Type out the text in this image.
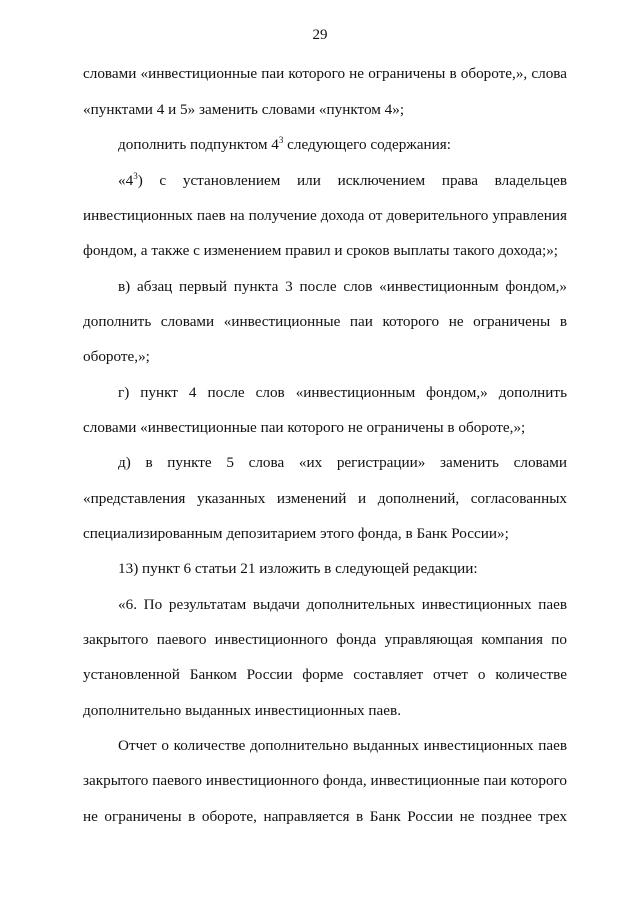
29
словами «инвестиционные паи которого не ограничены в обороте,», слова
«пунктами 4 и 5» заменить словами «пунктом 4»;
дополнить подпунктом $4^3$ следующего содержания:
«$4^3$) с установлением или исключением права владельцев
инвестиционных паев на получение дохода от доверительного управления
фондом, а также с изменением правил и сроков выплаты такого дохода;»;
в) абзац первый пункта 3 после слов «инвестиционным фондом,»
дополнить словами «инвестиционные паи которого не ограничены в
обороте,»;
г) пункт 4 после слов «инвестиционным фондом,» дополнить
словами «инвестиционные паи которого не ограничены в обороте,»;
д) в пункте 5 слова «их регистрации» заменить словами
«представления указанных изменений и дополнений, согласованных
специализированным депозитарием этого фонда, в Банк России»;
13) пункт 6 статьи 21 изложить в следующей редакции:
«6. По результатам выдачи дополнительных инвестиционных паев
закрытого паевого инвестиционного фонда управляющая компания по
установленной Банком России форме составляет отчет о количестве
дополнительно выданных инвестиционных паев.
Отчет о количестве дополнительно выданных инвестиционных паев
закрытого паевого инвестиционного фонда, инвестиционные паи которого
не ограничены в обороте, направляется в Банк России не позднее трех
